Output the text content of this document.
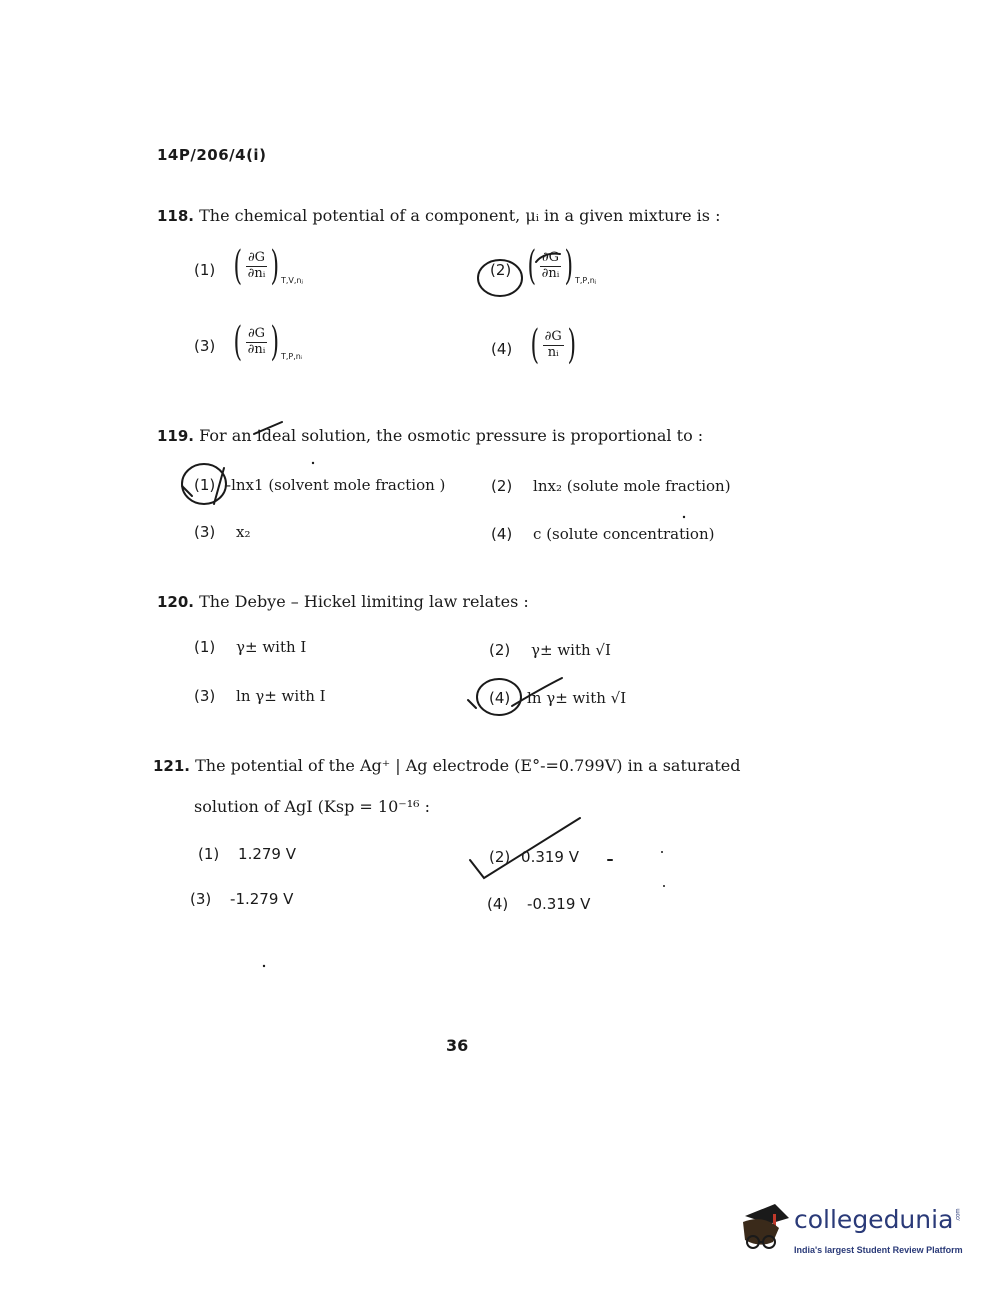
14P/206/4(i)
118. The chemical potential of a component, μᵢ in a given mixture is :
(1) ( $\frac{\partial G}{\text{∂nᵢ}}$ ) T,V,nⱼ
(2) ( $\frac{\partial G}{\text{∂nᵢ}}$ ) T,P,nⱼ
(3) ( $\frac{\partial G}{\text{∂nᵢ}}$ ) T,P,nᵢ	(4) ( $\frac{\partial G}{\text{nᵢ}}$ )
119. For an ideal solution, the osmotic pressure is proportional to :
(1) -lnx1 (solvent mole fraction )	(2) lnx₂ (solute mole fraction)
(3) x₂	(4) c (solute concentration)
120. The Debye – Hickel limiting law relates :
(1) γ± with I	(2) γ± with √I
(3) ln γ± with I	(4) ln γ± with √I
121. The potential of the Ag⁺ | Ag electrode (E°-=0.799V) in a saturated
solution of AgI (Ksp = 10⁻¹⁶ :
(1) 1.279 V	(2) 0.319 V
(3) -1.279 V	(4) -0.319 V
36
collegedunia .com
India's largest Student Review Platform
